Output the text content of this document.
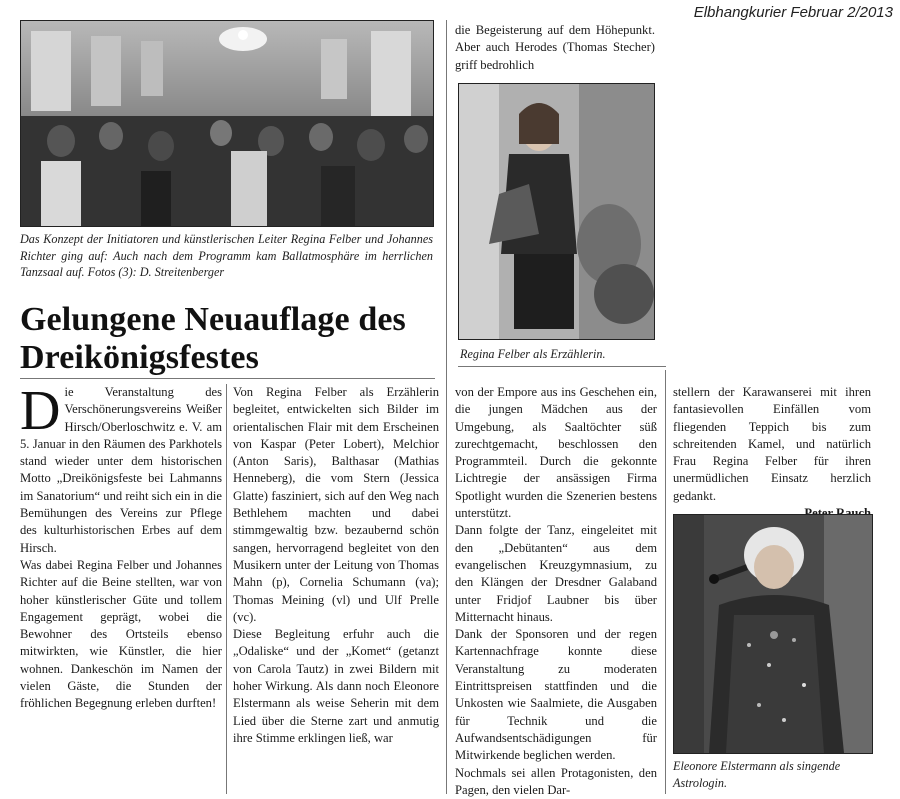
Elbhangkurier Februar 2/2013
Das Konzept der Initiatoren und künstlerischen Leiter Regina Felber und Johannes Richter ging auf: Auch nach dem Programm kam Ballatmosphäre im herrlichen Tanzsaal auf. Fotos (3): D. Streitenberger
Regina Felber als Erzählerin.
Gelungene Neuauflage des Dreikönigsfestes

Die Veranstaltung des Verschönerungsvereins Weißer Hirsch/Oberloschwitz e. V. am 5. Januar in den Räumen des Parkhotels stand wieder unter dem historischen Motto „Dreikönigsfeste bei Lahmanns im Sanatorium“ und reiht sich ein in die Bemühungen des Vereins zur Pflege des kulturhistorischen Erbes auf dem Hirsch.

Was dabei Regina Felber und Johannes Richter auf die Beine stellten, war von hoher künstlerischer Güte und tollem Engagement geprägt, wobei die Bewohner des Ortsteils ebenso mitwirkten, wie Künstler, die hier wohnen. Dankeschön im Namen der vielen Gäste, die Stunden der fröhlichen Begegnung erleben durften!

Von Regina Felber als Erzählerin begleitet, entwickelten sich Bilder im orientalischen Flair mit dem Erscheinen von Kaspar (Peter Lobert), Melchior (Anton Saris), Balthasar (Mathias Henneberg), die vom Stern (Jessica Glatte) fasziniert, sich auf den Weg nach Bethlehem machten und dabei stimmgewaltig bzw. bezaubernd schön sangen, hervorragend begleitet von den Musikern unter der Leitung von Thomas Mahn (p), Cornelia Schumann (va); Thomas Meining (vl) und Ulf Prelle (vc).

Diese Begleitung erfuhr auch die „Odaliske“ und der „Komet“ (getanzt von Carola Tautz) in zwei Bildern mit hoher Wirkung. Als dann noch Eleonore Elstermann als weise Seherin mit dem Lied über die Sterne zart und anmutig ihre Stimme erklingen ließ, war

die Begeisterung auf dem Höhepunkt. Aber auch Herodes (Thomas Stecher) griff bedrohlich

von der Empore aus ins Geschehen ein, die jungen Mädchen aus der Umgebung, als Saaltöchter süß zurechtgemacht, beschlossen den Programmteil. Durch die gekonnte Lichtregie der ansässigen Firma Spotlight wurden die Szenerien bestens unterstützt.

Dann folgte der Tanz, eingeleitet mit den „Debütanten“ aus dem evangelischen Kreuzgymnasium, zu den Klängen der Dresdner Galaband unter Fridjof Laubner bis über Mitternacht hinaus.

Dank der Sponsoren und der regen Kartennachfrage konnte diese Veranstaltung zu moderaten Eintrittspreisen stattfinden und die Unkosten wie Saalmiete, die Ausgaben für Technik und die Aufwandsentschädigungen für Mitwirkende beglichen werden.

Nochmals sei allen Protagonisten, den Pagen, den vielen Dar-

stellern der Karawanserei mit ihren fantasievollen Einfällen vom fliegenden Teppich bis zum schreitenden Kamel, und natürlich Frau Regina Felber für ihren unermüdlichen Einsatz herzlich gedankt.

Eleonore Elstermann als singende Astrologin.
